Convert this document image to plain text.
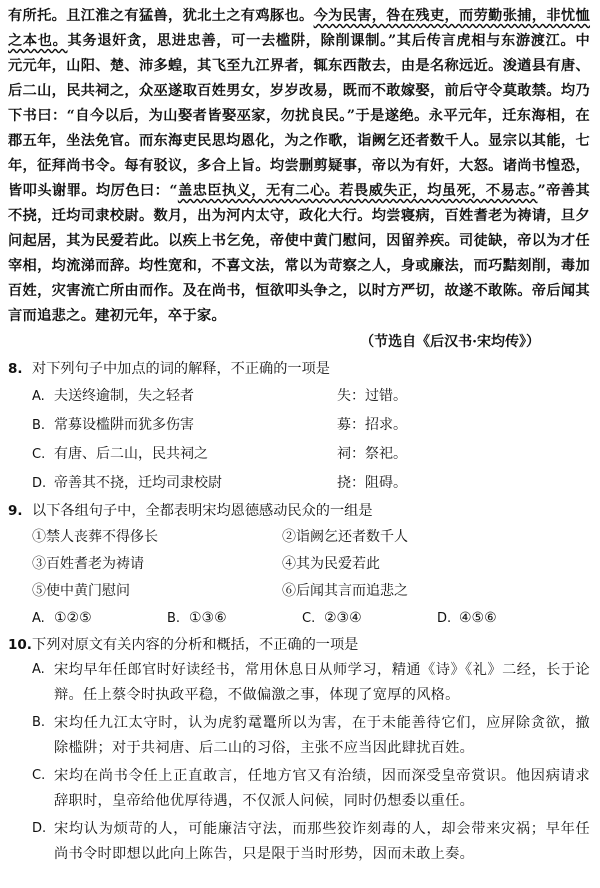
有所托。且江淮之有猛兽，犹北土之有鸡豚也。今为民害，咎在残吏，而劳勤张捕，非忧恤之本也。其务退奸贪，思进忠善，可一去槛阱，除削课制。”其后传言虎相与东游渡江。中元元年，山阳、楚、沛多蝗，其飞至九江界者，辄东西散去，由是名称远近。浚遒县有唐、后二山，民共祠之，众巫遂取百姓男女，岁岁改易，既而不敢嫁娶，前后守令莫敢禁。均乃下书曰：“自今以后，为山娶者皆娶巫家，勿扰良民。”于是遂绝。永平元年，迁东海相，在郡五年，坐法免官。而东海吏民思均恩化，为之作歌，诣阙乞还者数千人。显宗以其能，七年，征拜尚书令。每有驳议，多合上旨。均尝删剪疑事，帝以为有奸，大怒。诸尚书惶恐，皆叩头谢罪。均厉色曰：“盖忠臣执义，无有二心。若畏威失正，均虽死，不易志。”帝善其不挠，迁均司隶校尉。数月，出为河内太守，政化大行。均尝寝病，百姓耆老为祷请，旦夕问起居，其为民爱若此。以疾上书乞免，帝使中黄门慰问，因留养疾。司徒缺，帝以为才任宰相，均流涕而辞。均性宽和，不喜文法，常以为苛察之人，身或廉法，而巧黠刻削，毒加百姓，灾害流亡所由而作。及在尚书，恒欲叩头争之，以时方严切，故遂不敢陈。帝后闻其言而追悲之。建初元年，卒于家。

（节选自《后汉书·宋均传》）

8. 对下列句子中加点的词的解释，不正确的一项是

A. 夫送终逾制，失之轻者	失：过错。
B. 常募设槛阱而犹多伤害	募：招求。
C. 有唐、后二山，民共祠之	祠：祭祀。
D. 帝善其不挠，迁均司隶校尉	挠：阻碍。

9. 以下各组句子中，全都表明宋均恩德感动民众的一组是

①禁人丧葬不得侈长	②诣阙乞还者数千人
③百姓耆老为祷请	④其为民爱若此
⑤使中黄门慰问	⑥后闻其言而追悲之
A. ①②⑤	B. ①③⑥	C. ②③④	D. ④⑤⑥

10.下列对原文有关内容的分析和概括，不正确的一项是

A. 宋均早年任郎官时好读经书，常用休息日从师学习，精通《诗》《礼》二经，长于论辩。任上蔡令时执政平稳，不做偏激之事，体现了宽厚的风格。
B. 宋均任九江太守时，认为虎豹鼋鼍所以为害，在于未能善待它们，应屏除贪欲，撤除槛阱；对于共祠唐、后二山的习俗，主张不应当因此肆扰百姓。
C. 宋均在尚书令任上正直敢言，任地方官又有治绩，因而深受皇帝赏识。他因病请求辞职时，皇帝给他优厚待遇，不仅派人问候，同时仍想委以重任。
D. 宋均认为烦苛的人，可能廉洁守法，而那些狡诈刻毒的人，却会带来灾祸；早年任尚书令时即想以此向上陈告，只是限于当时形势，因而未敢上奏。
